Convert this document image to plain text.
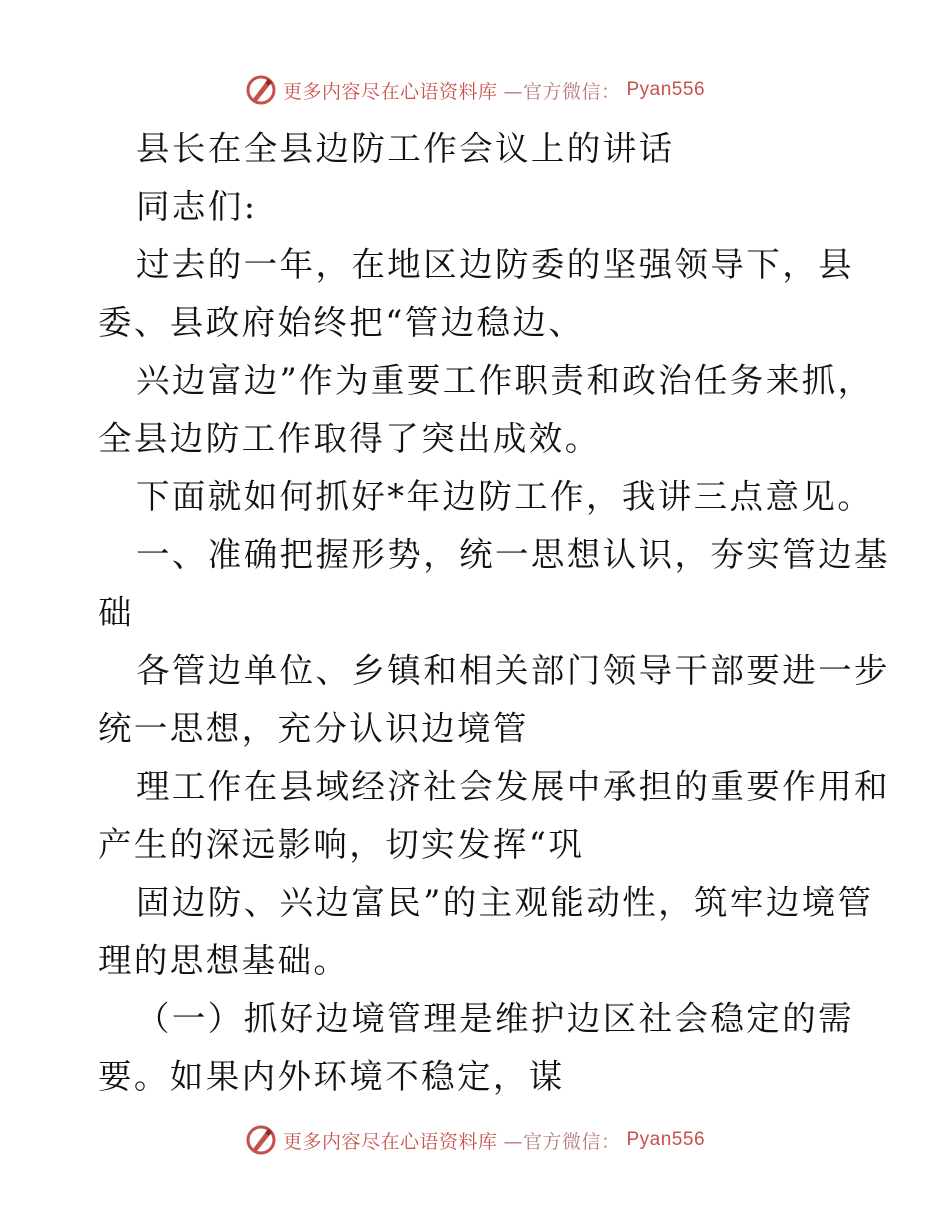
更多内容尽在心语资料库 —官方微信： Pyan556
县长在全县边防工作会议上的讲话
同志们:
过去的一年，在地区边防委的坚强领导下，县
委、县政府始终把“管边稳边、
兴边富边”作为重要工作职责和政治任务来抓，
全县边防工作取得了突出成效。
下面就如何抓好*年边防工作，我讲三点意见。
一、准确把握形势，统一思想认识，夯实管边基
础
各管边单位、乡镇和相关部门领导干部要进一步
统一思想，充分认识边境管
理工作在县域经济社会发展中承担的重要作用和
产生的深远影响，切实发挥“巩
固边防、兴边富民”的主观能动性，筑牢边境管
理的思想基础。
（一）抓好边境管理是维护边区社会稳定的需
要。如果内外环境不稳定，谋
更多内容尽在心语资料库 —官方微信： Pyan556
